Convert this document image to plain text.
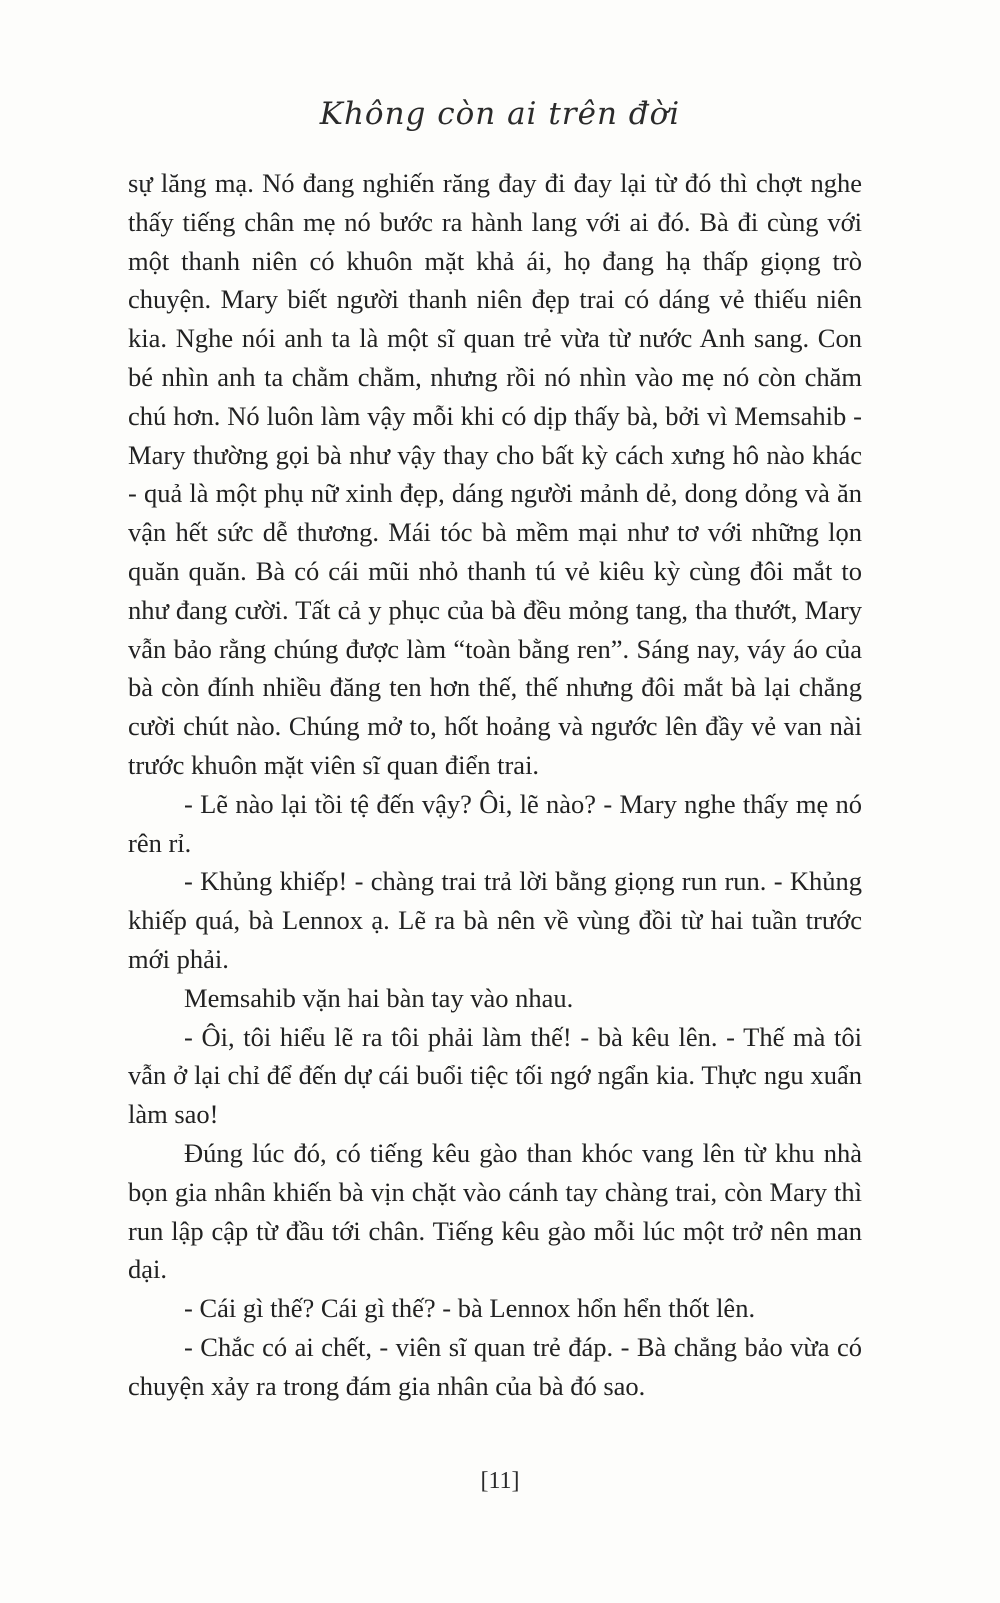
Không còn ai trên đời

sự lăng mạ. Nó đang nghiến răng đay đi đay lại từ đó thì chợt nghe thấy tiếng chân mẹ nó bước ra hành lang với ai đó. Bà đi cùng với một thanh niên có khuôn mặt khả ái, họ đang hạ thấp giọng trò chuyện. Mary biết người thanh niên đẹp trai có dáng vẻ thiếu niên kia. Nghe nói anh ta là một sĩ quan trẻ vừa từ nước Anh sang. Con bé nhìn anh ta chằm chằm, nhưng rồi nó nhìn vào mẹ nó còn chăm chú hơn. Nó luôn làm vậy mỗi khi có dịp thấy bà, bởi vì Memsahib - Mary thường gọi bà như vậy thay cho bất kỳ cách xưng hô nào khác - quả là một phụ nữ xinh đẹp, dáng người mảnh dẻ, dong dỏng và ăn vận hết sức dễ thương. Mái tóc bà mềm mại như tơ với những lọn quăn quăn. Bà có cái mũi nhỏ thanh tú vẻ kiêu kỳ cùng đôi mắt to như đang cười. Tất cả y phục của bà đều mỏng tang, tha thướt, Mary vẫn bảo rằng chúng được làm “toàn bằng ren”. Sáng nay, váy áo của bà còn đính nhiều đăng ten hơn thế, thế nhưng đôi mắt bà lại chẳng cười chút nào. Chúng mở to, hốt hoảng và ngước lên đầy vẻ van nài trước khuôn mặt viên sĩ quan điển trai.

- Lẽ nào lại tồi tệ đến vậy? Ôi, lẽ nào? - Mary nghe thấy mẹ nó rên rỉ.

- Khủng khiếp! - chàng trai trả lời bằng giọng run run. - Khủng khiếp quá, bà Lennox ạ. Lẽ ra bà nên về vùng đồi từ hai tuần trước mới phải.

Memsahib vặn hai bàn tay vào nhau.

- Ôi, tôi hiểu lẽ ra tôi phải làm thế! - bà kêu lên. - Thế mà tôi vẫn ở lại chỉ để đến dự cái buổi tiệc tối ngớ ngẩn kia. Thực ngu xuẩn làm sao!

Đúng lúc đó, có tiếng kêu gào than khóc vang lên từ khu nhà bọn gia nhân khiến bà vịn chặt vào cánh tay chàng trai, còn Mary thì run lập cập từ đầu tới chân. Tiếng kêu gào mỗi lúc một trở nên man dại.

- Cái gì thế? Cái gì thế? - bà Lennox hổn hển thốt lên.

- Chắc có ai chết, - viên sĩ quan trẻ đáp. - Bà chẳng bảo vừa có chuyện xảy ra trong đám gia nhân của bà đó sao.

[11]
